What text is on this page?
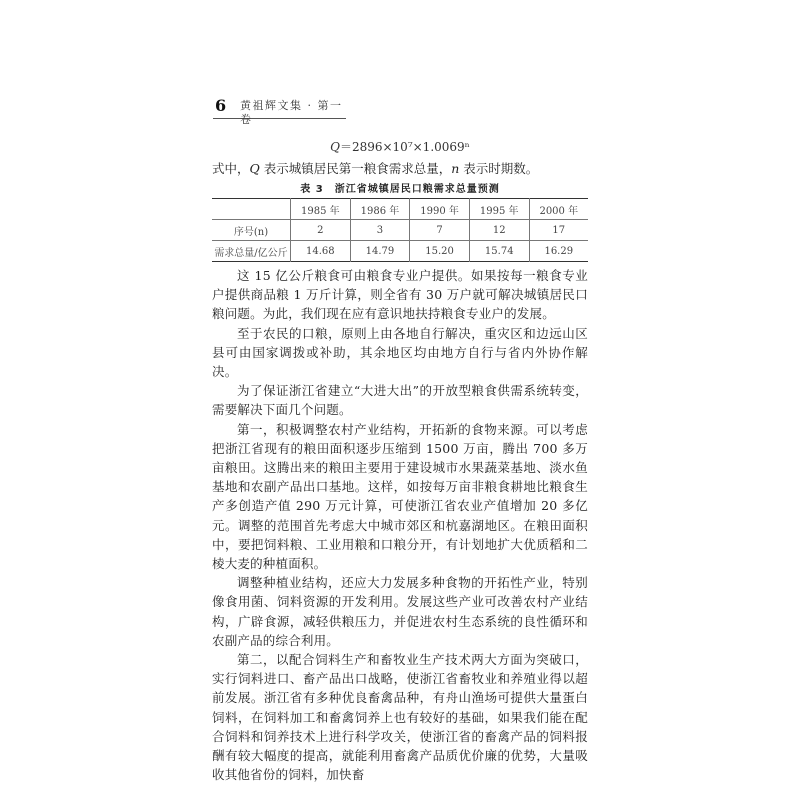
6 黄祖辉文集 · 第一卷
Q＝2896×10⁷×1.0069ⁿ
式中，Q 表示城镇居民第一粮食需求总量，n 表示时期数。
表 3　浙江省城镇居民口粮需求总量预测
	1985 年	1986 年	1990 年	1995 年	2000 年
序号(n)	2	3	7	12	17
需求总量/亿公斤	14.68	14.79	15.20	15.74	16.29

这 15 亿公斤粮食可由粮食专业户提供。如果按每一粮食专业户提供商品粮 1 万斤计算，则全省有 30 万户就可解决城镇居民口粮问题。为此，我们现在应有意识地扶持粮食专业户的发展。

至于农民的口粮，原则上由各地自行解决，重灾区和边远山区县可由国家调拨或补助，其余地区均由地方自行与省内外协作解决。

为了保证浙江省建立“大进大出”的开放型粮食供需系统转变，需要解决下面几个问题。

第一，积极调整农村产业结构，开拓新的食物来源。可以考虑把浙江省现有的粮田面积逐步压缩到 1500 万亩，腾出 700 多万亩粮田。这腾出来的粮田主要用于建设城市水果蔬菜基地、淡水鱼基地和农副产品出口基地。这样，如按每万亩非粮食耕地比粮食生产多创造产值 290 万元计算，可使浙江省农业产值增加 20 多亿元。调整的范围首先考虑大中城市郊区和杭嘉湖地区。在粮田面积中，要把饲料粮、工业用粮和口粮分开，有计划地扩大优质稻和二棱大麦的种植面积。

调整种植业结构，还应大力发展多种食物的开拓性产业，特别像食用菌、饲料资源的开发利用。发展这些产业可改善农村产业结构，广辟食源，减轻供粮压力，并促进农村生态系统的良性循环和农副产品的综合利用。

第二，以配合饲料生产和畜牧业生产技术两大方面为突破口，实行饲料进口、畜产品出口战略，使浙江省畜牧业和养殖业得以超前发展。浙江省有多种优良畜禽品种，有舟山渔场可提供大量蛋白饲料，在饲料加工和畜禽饲养上也有较好的基础，如果我们能在配合饲料和饲养技术上进行科学攻关，使浙江省的畜禽产品的饲料报酬有较大幅度的提高，就能利用畜禽产品质优价廉的优势，大量吸收其他省份的饲料，加快畜
